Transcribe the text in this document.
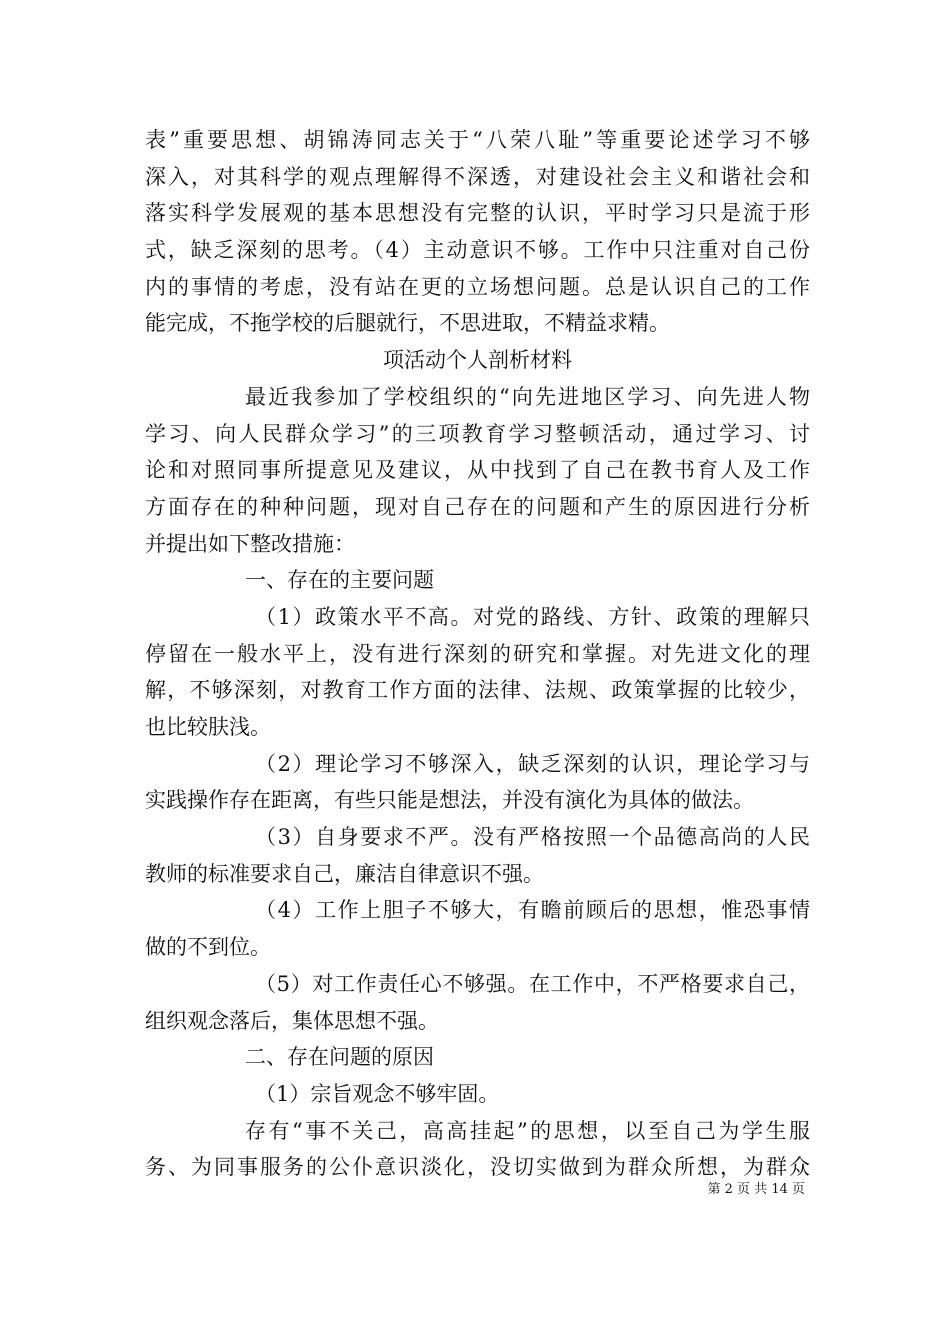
表”重要思想、胡锦涛同志关于“八荣八耻”等重要论述学习不够

深入，对其科学的观点理解得不深透，对建设社会主义和谐社会和

落实科学发展观的基本思想没有完整的认识，平时学习只是流于形

式，缺乏深刻的思考。（4）主动意识不够。工作中只注重对自己份

内的事情的考虑，没有站在更的立场想问题。总是认识自己的工作

能完成，不拖学校的后腿就行，不思进取，不精益求精。

项活动个人剖析材料

最近我参加了学校组织的“向先进地区学习、向先进人物

学习、向人民群众学习”的三项教育学习整顿活动，通过学习、讨

论和对照同事所提意见及建议，从中找到了自己在教书育人及工作

方面存在的种种问题，现对自己存在的问题和产生的原因进行分析

并提出如下整改措施：

一、存在的主要问题

（1）政策水平不高。对党的路线、方针、政策的理解只

停留在一般水平上，没有进行深刻的研究和掌握。对先进文化的理

解，不够深刻，对教育工作方面的法律、法规、政策掌握的比较少，

也比较肤浅。

（2）理论学习不够深入，缺乏深刻的认识，理论学习与

实践操作存在距离，有些只能是想法，并没有演化为具体的做法。

（3）自身要求不严。没有严格按照一个品德高尚的人民

教师的标准要求自己，廉洁自律意识不强。

（4）工作上胆子不够大，有瞻前顾后的思想，惟恐事情

做的不到位。

（5）对工作责任心不够强。在工作中，不严格要求自己，

组织观念落后，集体思想不强。

二、存在问题的原因

（1）宗旨观念不够牢固。

存有“事不关己，高高挂起”的思想，以至自己为学生服

务、为同事服务的公仆意识淡化，没切实做到为群众所想，为群众

第 2 页 共 14 页
